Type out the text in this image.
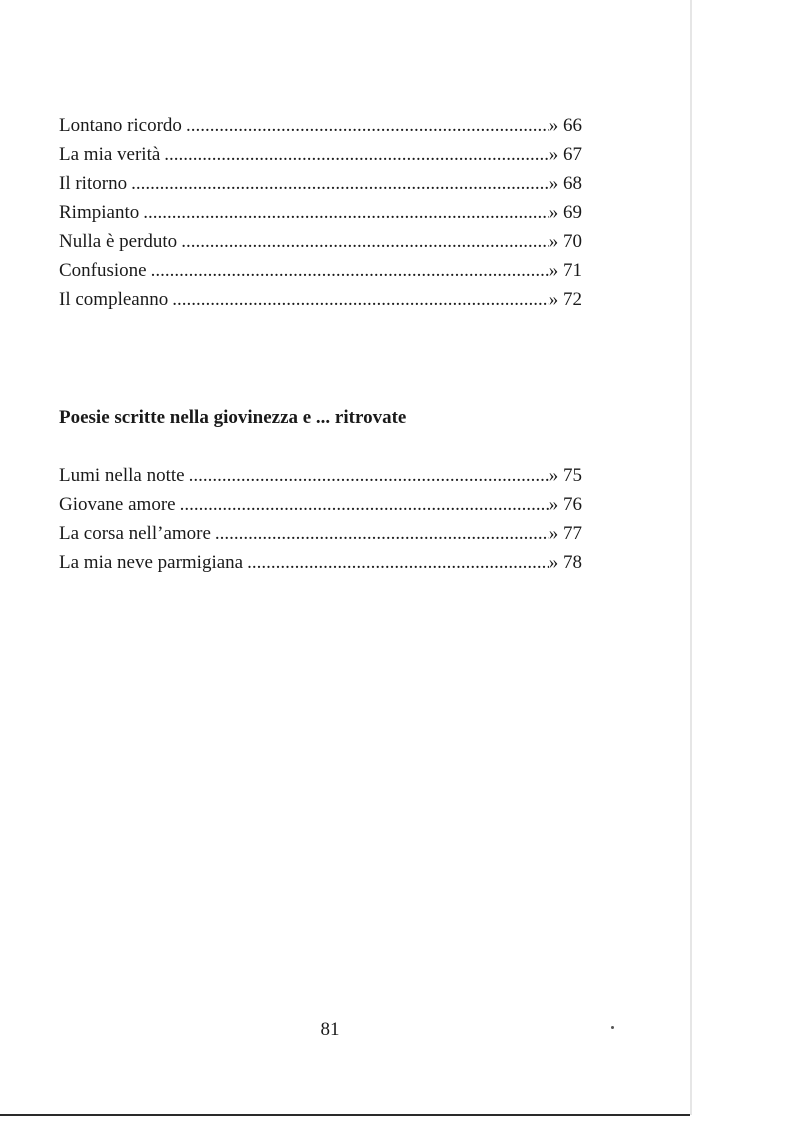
Lontano ricordo .....	» 66
La mia verità .....	» 67
Il ritorno .....	» 68
Rimpianto .....	» 69
Nulla è perduto .....	» 70
Confusione .....	» 71
Il compleanno .....	» 72
Poesie scritte nella giovinezza e ... ritrovate
Lumi nella notte .....	» 75
Giovane amore .....	» 76
La corsa nell’amore .....	» 77
La mia neve parmigiana .....	» 78
81
